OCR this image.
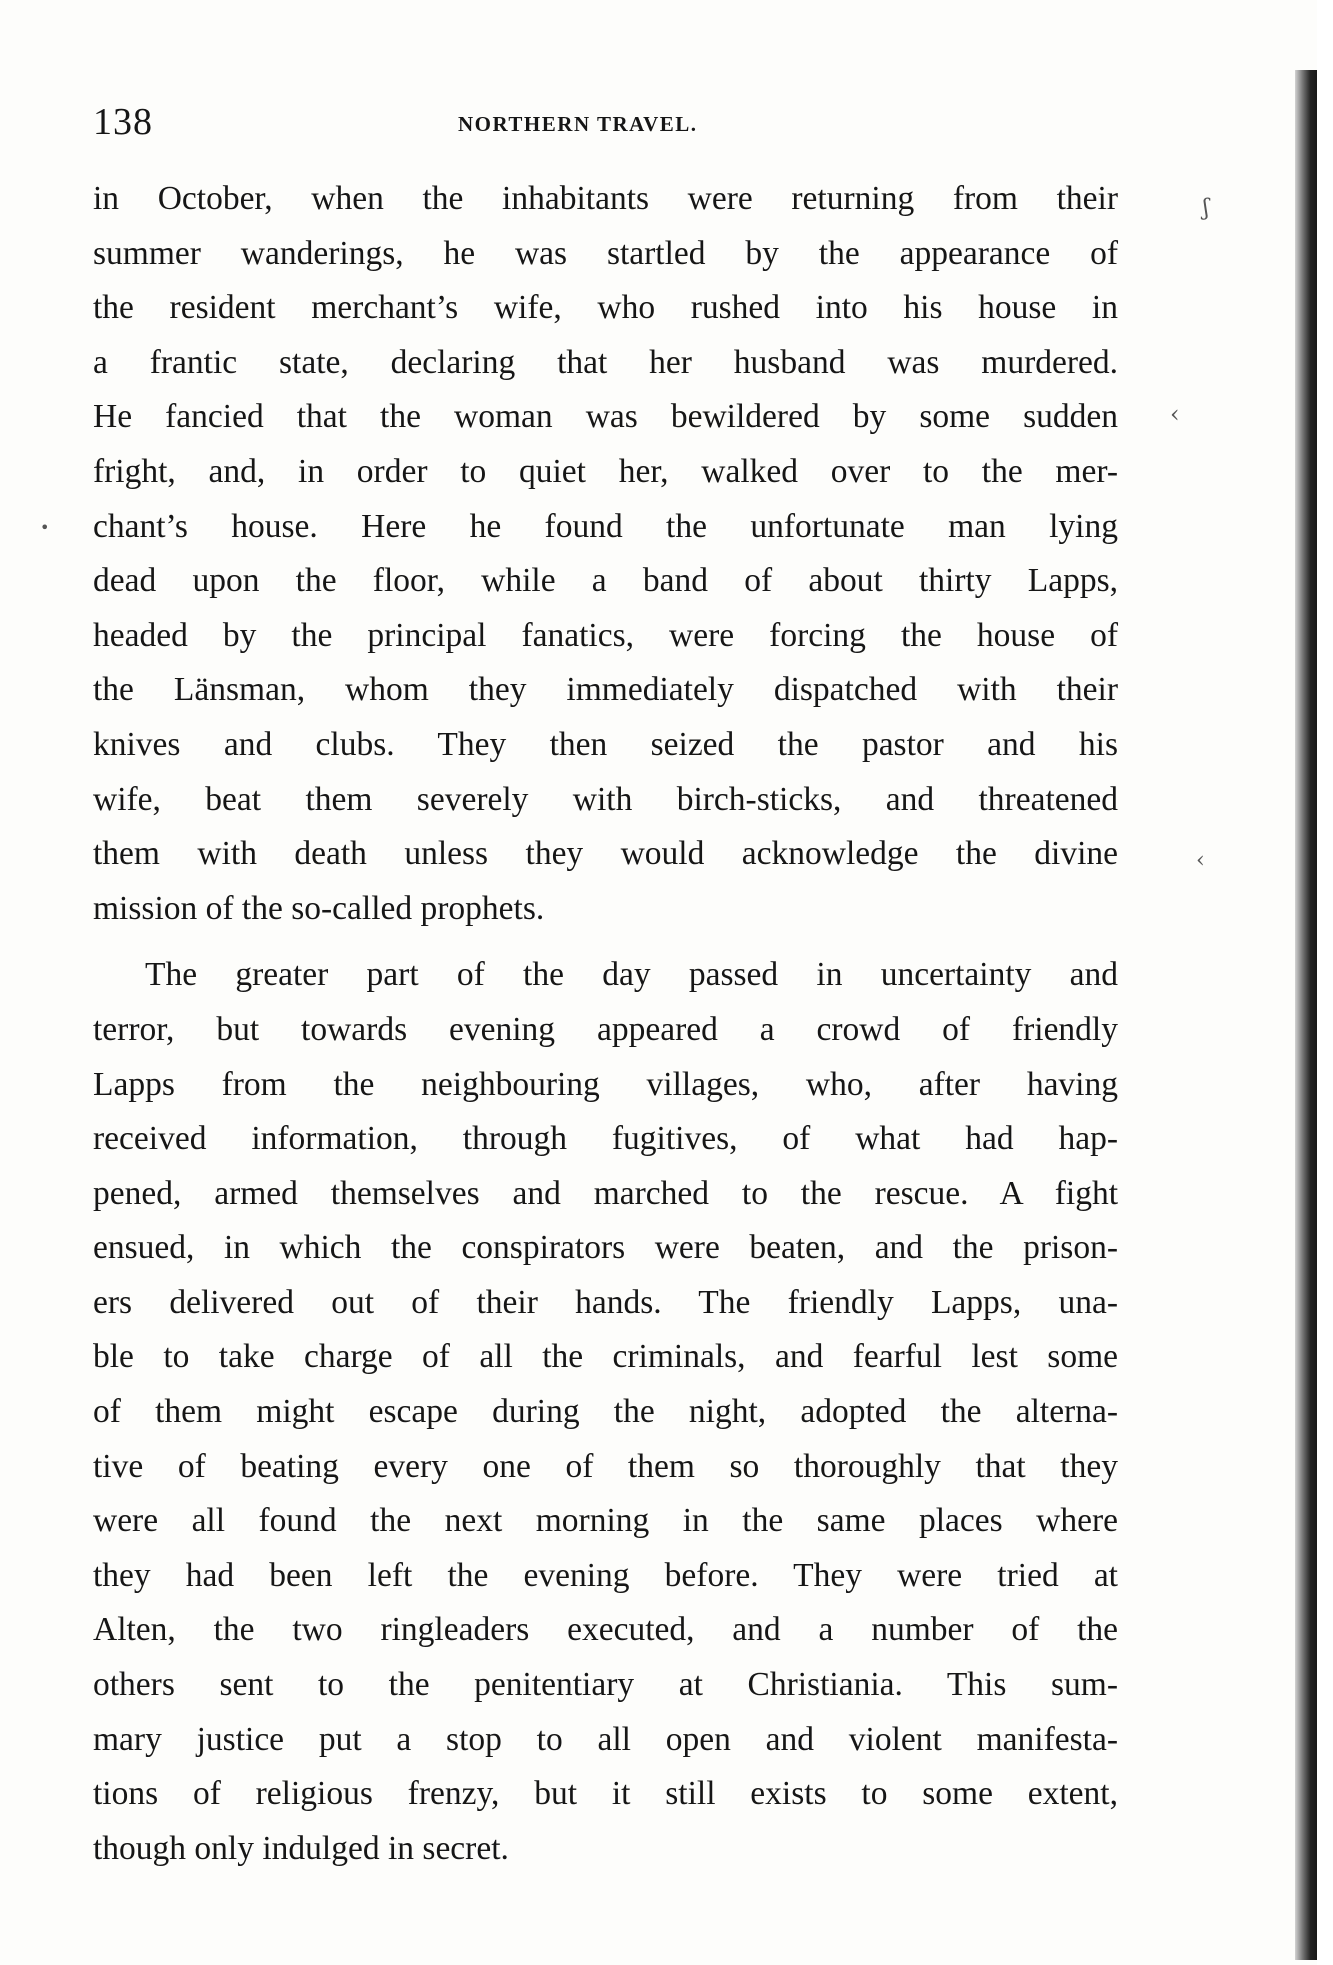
138	NORTHERN TRAVEL.
in October, when the inhabitants were returning from their
summer wanderings, he was startled by the appearance of
the resident merchant’s wife, who rushed into his house in
a frantic state, declaring that her husband was murdered.
He fancied that the woman was bewildered by some sudden
fright, and, in order to quiet her, walked over to the mer-
chant’s house. Here he found the unfortunate man lying
dead upon the floor, while a band of about thirty Lapps,
headed by the principal fanatics, were forcing the house of
the Länsman, whom they immediately dispatched with their
knives and clubs. They then seized the pastor and his
wife, beat them severely with birch-sticks, and threatened
them with death unless they would acknowledge the divine
mission of the so-called prophets.
The greater part of the day passed in uncertainty and
terror, but towards evening appeared a crowd of friendly
Lapps from the neighbouring villages, who, after having
received information, through fugitives, of what had hap-
pened, armed themselves and marched to the rescue. A fight
ensued, in which the conspirators were beaten, and the prison-
ers delivered out of their hands. The friendly Lapps, una-
ble to take charge of all the criminals, and fearful lest some
of them might escape during the night, adopted the alterna-
tive of beating every one of them so thoroughly that they
were all found the next morning in the same places where
they had been left the evening before. They were tried at
Alten, the two ringleaders executed, and a number of the
others sent to the penitentiary at Christiania. This sum-
mary justice put a stop to all open and violent manifesta-
tions of religious frenzy, but it still exists to some extent,
though only indulged in secret.
ʃ
‹
•
‹
